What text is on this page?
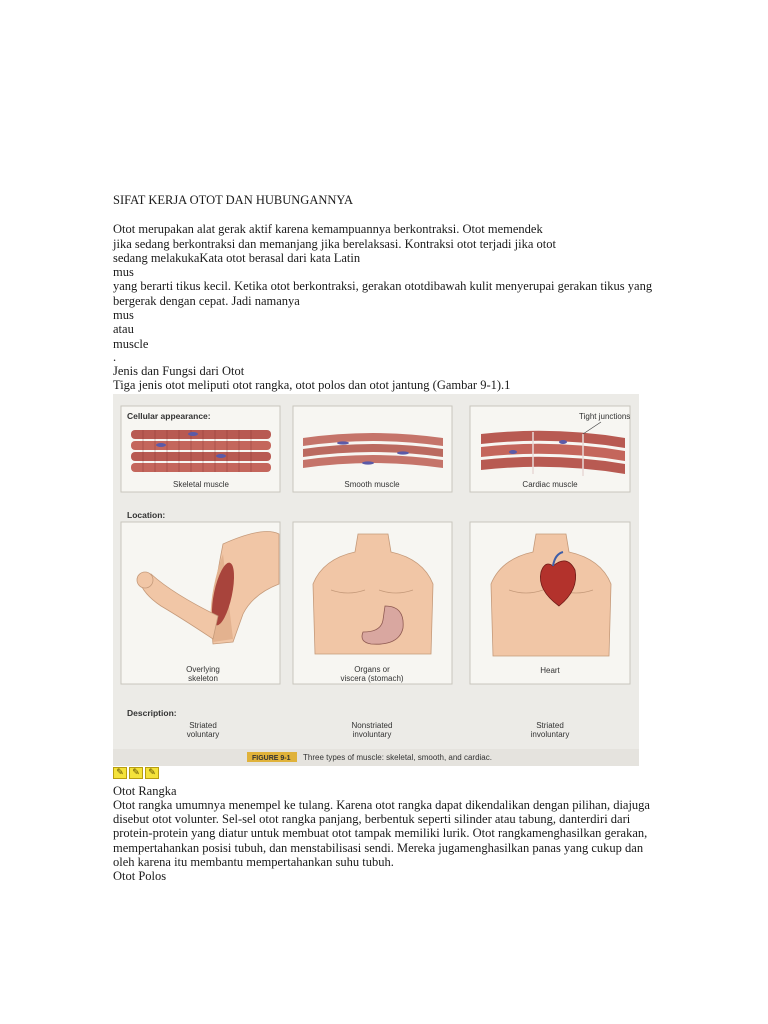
SIFAT KERJA OTOT DAN HUBUNGANNYA
Otot merupakan alat gerak aktif karena kemampuannya berkontraksi. Otot memendek
jika sedang berkontraksi dan memanjang jika berelaksasi. Kontraksi otot terjadi jika otot
sedang melakukaKata otot berasal dari kata Latin
mus
yang berarti tikus kecil. Ketika otot berkontraksi, gerakan ototdibawah kulit menyerupai gerakan tikus yang
bergerak dengan cepat. Jadi namanya
mus
atau
muscle
.
Jenis dan Fungsi dari Otot
Tiga jenis otot meliputi otot rangka, otot polos dan otot jantung (Gambar 9-1).1
Cellular appearance:
Location:
Description:
Skeletal muscle	Smooth muscle
Tight junctions
Cardiac muscle
Overlying
skeleton
Organs or
viscera (stomach)
Heart
Striated
voluntary
Nonstriated
involuntary
Striated
involuntary
FIGURE 9-1 Three types of muscle: skeletal, smooth, and cardiac.
✎ ✎ ✎
Otot Rangka
Otot rangka umumnya menempel ke tulang. Karena otot rangka dapat dikendalikan dengan pilihan, diajuga
disebut otot volunter. Sel-sel otot rangka panjang, berbentuk seperti silinder atau tabung, danterdiri dari
protein-protein yang diatur untuk membuat otot tampak memiliki lurik. Otot rangkamenghasilkan gerakan,
mempertahankan posisi tubuh, dan menstabilisasi sendi. Mereka jugamenghasilkan panas yang cukup dan
oleh karena itu membantu mempertahankan suhu tubuh.
Otot Polos
